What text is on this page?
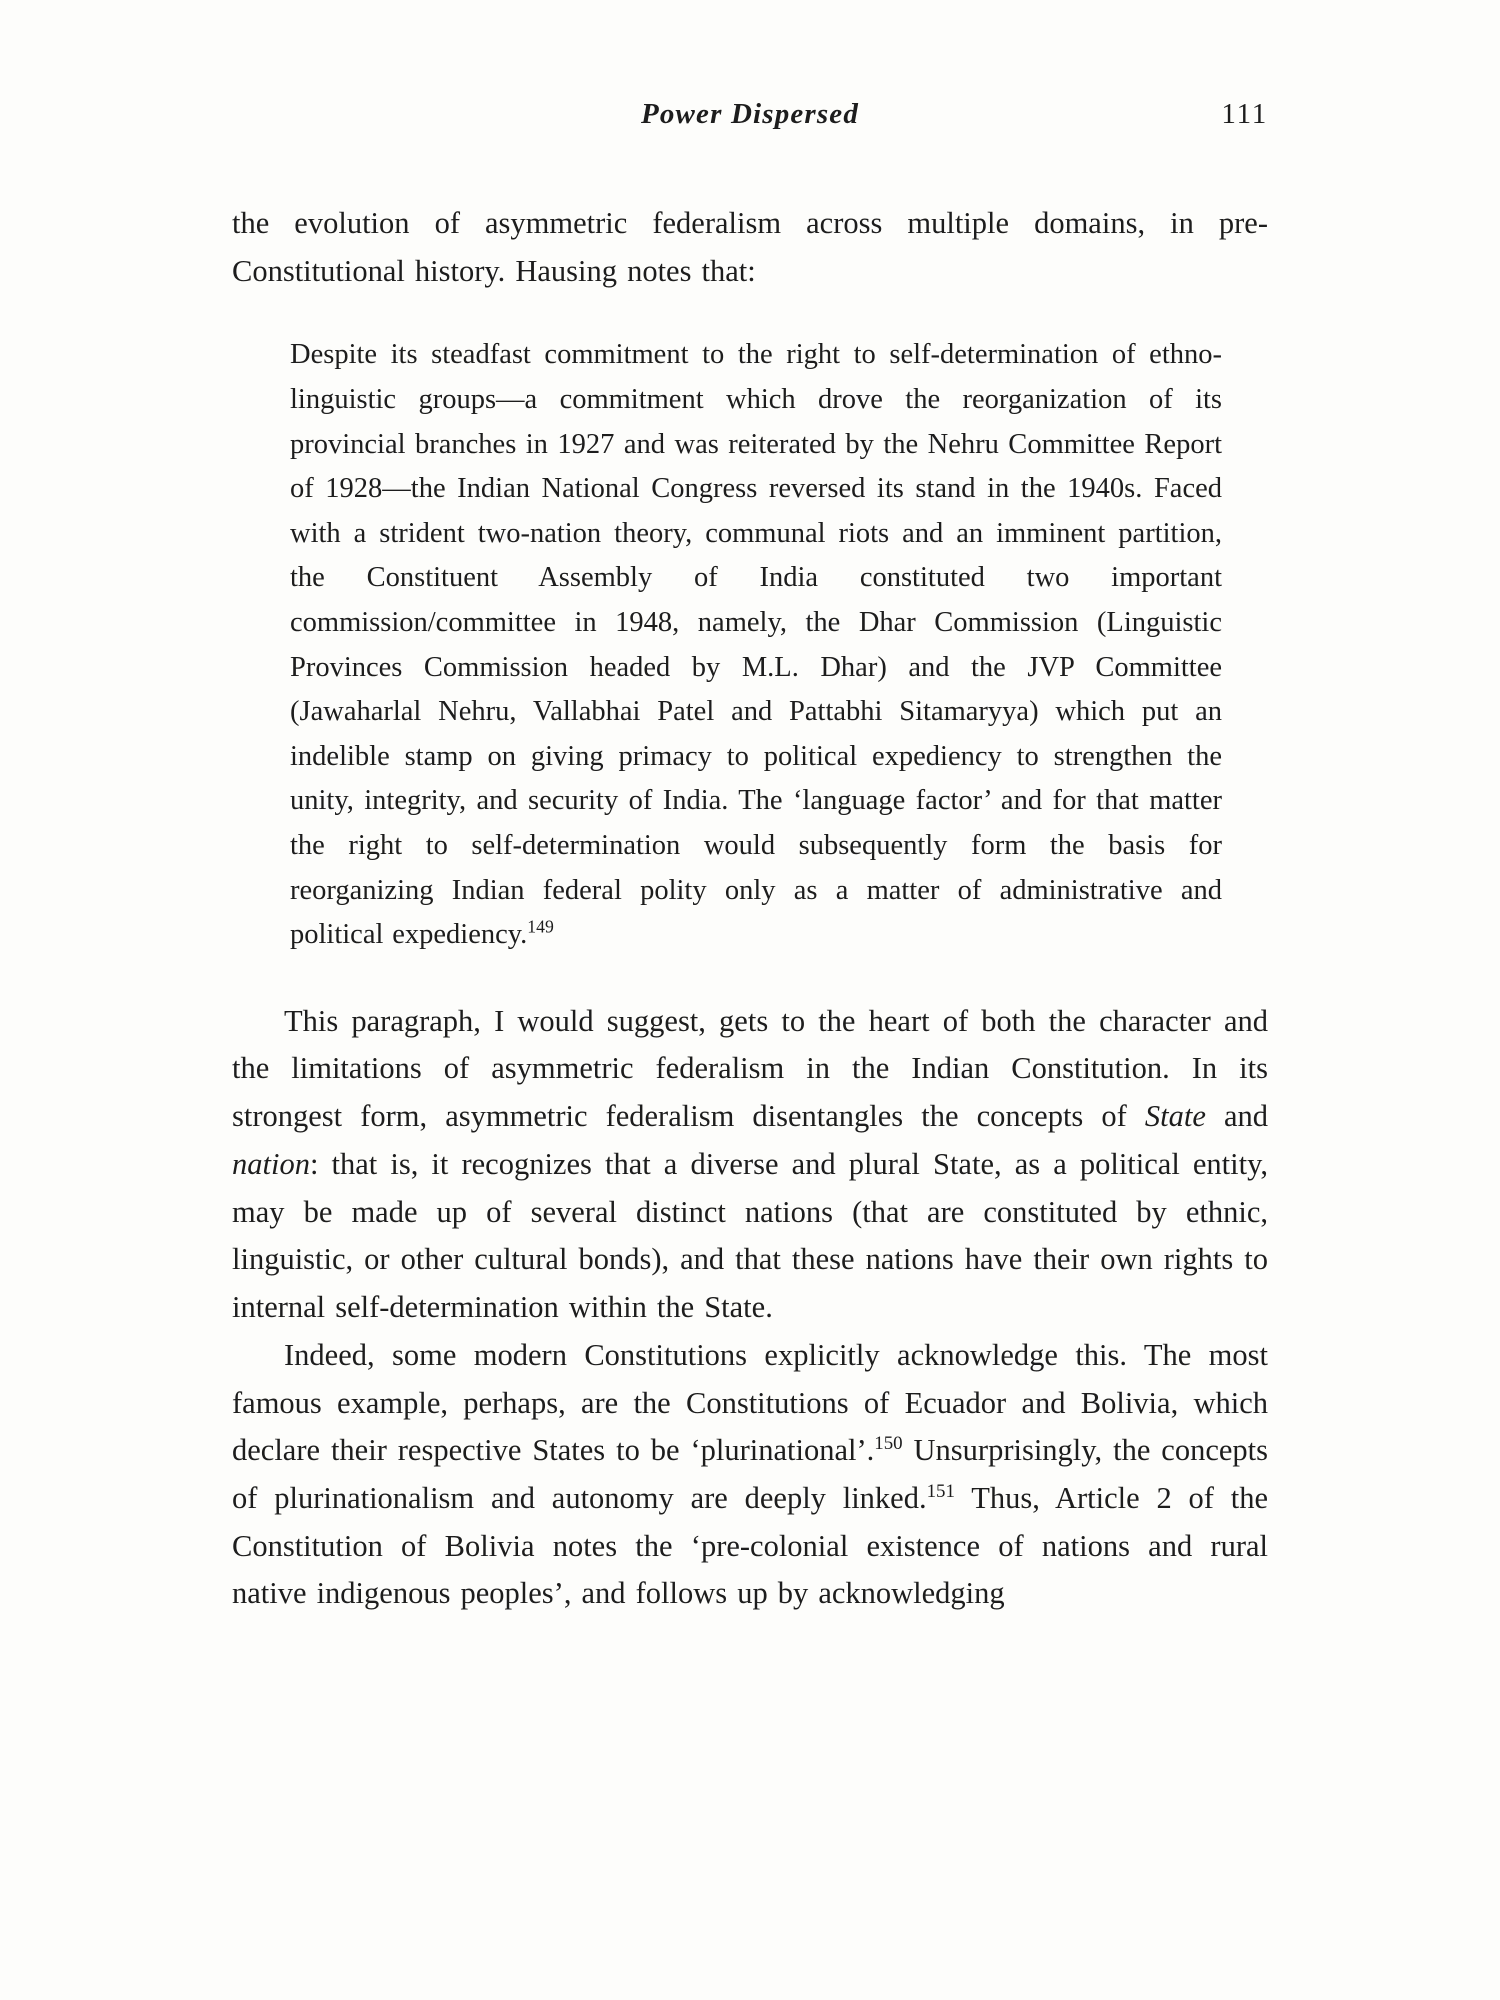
Power Dispersed	111

the evolution of asymmetric federalism across multiple domains, in pre-Constitutional history. Hausing notes that:

Despite its steadfast commitment to the right to self-determination of ethno-linguistic groups—a commitment which drove the reorganization of its provincial branches in 1927 and was reiterated by the Nehru Committee Report of 1928—the Indian National Congress reversed its stand in the 1940s. Faced with a strident two-nation theory, communal riots and an imminent partition, the Constituent Assembly of India constituted two important commission/committee in 1948, namely, the Dhar Commission (Linguistic Provinces Commission headed by M.L. Dhar) and the JVP Committee (Jawaharlal Nehru, Vallabhai Patel and Pattabhi Sitamaryya) which put an indelible stamp on giving primacy to political expediency to strengthen the unity, integrity, and security of India. The ‘language factor’ and for that matter the right to self-determination would subsequently form the basis for reorganizing Indian federal polity only as a matter of administrative and political expediency.$^{149}$

This paragraph, I would suggest, gets to the heart of both the character and the limitations of asymmetric federalism in the Indian Constitution. In its strongest form, asymmetric federalism disentangles the concepts of State and nation: that is, it recognizes that a diverse and plural State, as a political entity, may be made up of several distinct nations (that are constituted by ethnic, linguistic, or other cultural bonds), and that these nations have their own rights to internal self-determination within the State.

Indeed, some modern Constitutions explicitly acknowledge this. The most famous example, perhaps, are the Constitutions of Ecuador and Bolivia, which declare their respective States to be ‘plurinational’.$^{150}$ Unsurprisingly, the concepts of plurinationalism and autonomy are deeply linked.$^{151}$ Thus, Article 2 of the Constitution of Bolivia notes the ‘pre-colonial existence of nations and rural native indigenous peoples’, and follows up by acknowledging
